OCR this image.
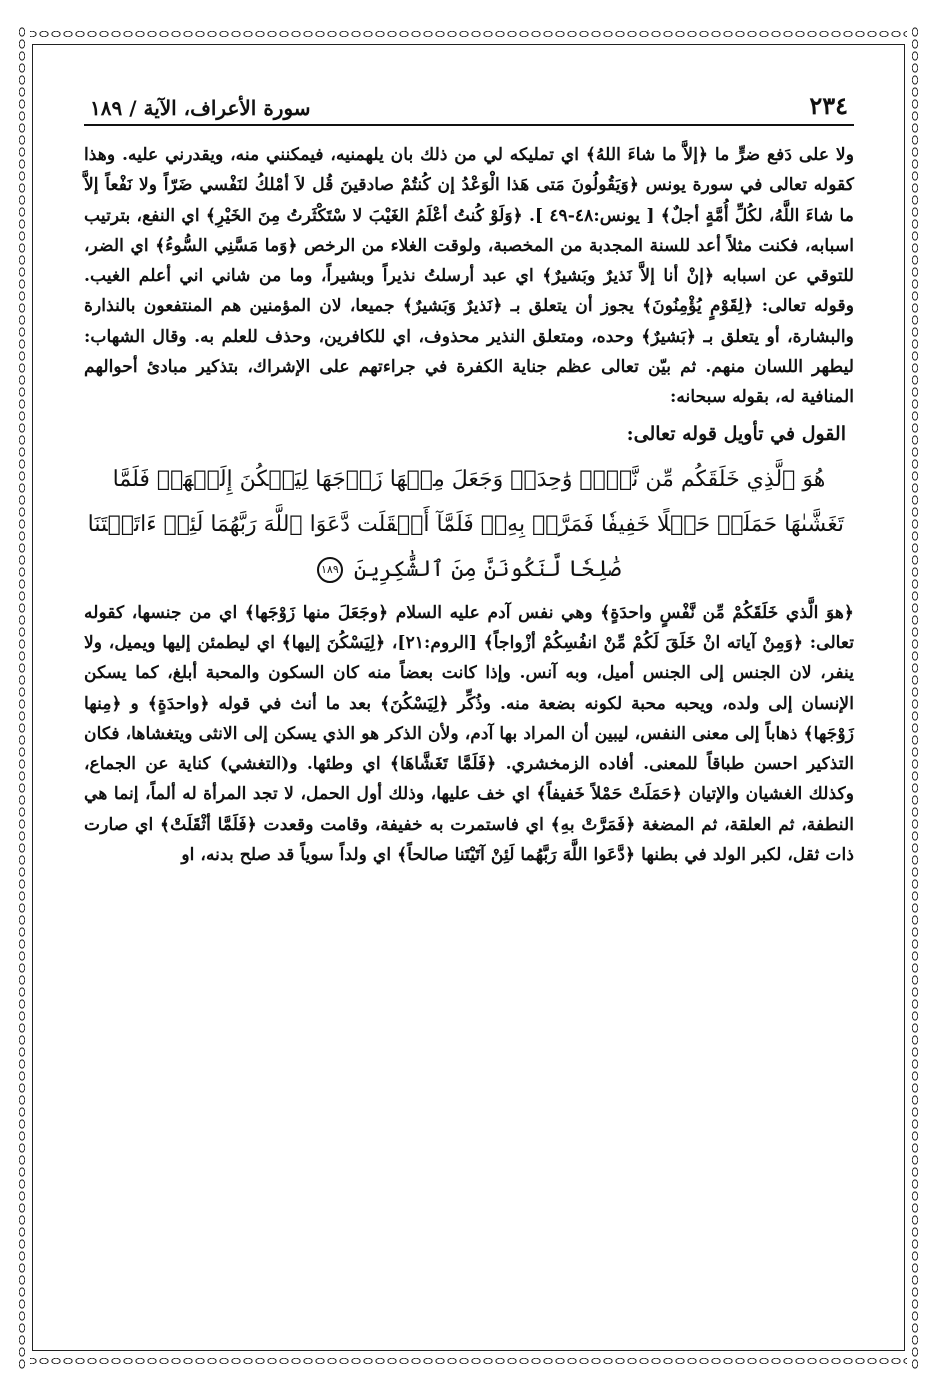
٢٣٤
سورة الأعراف، الآية / ١٨٩

ولا على دَفع ضرٍّ ما ﴿إلاَّ ما شاءَ اللهُ﴾ اي تمليكه لي من ذلك بان يلهمنيه، فيمكنني منه، ويقدرني عليه. وهذا كقوله تعالى في سورة يونس ﴿وَيَقُولُونَ مَتى هَذا الْوَعْدُ إن كُنتُمْ صادقينَ قُل لاَ أمْلكُ لنَفْسي ضَرّاً ولا نَفْعاً إلاَّ ما شاءَ اللَّهُ، لكُلِّ أُمَّةٍ أجلٌ﴾ [ يونس:٤٨-٤٩ ]. ﴿وَلَوْ كُنتُ أعْلَمُ الغَيْبَ لا سْتَكْثَرتُ مِنَ الخَيْرِ﴾ اي النفع، بترتيب اسبابه، فكنت مثلاً أعد للسنة المجدبة من المخصبة، ولوقت الغلاء من الرخص ﴿وَما مَسَّنِي السُّوءُ﴾ اي الضر، للتوقي عن اسبابه ﴿إنْ أنا إلاَّ نَذيرٌ وبَشيرٌ﴾ اي عبد أرسلتُ نذيراً وبشيراً، وما من شاني اني أعلم الغيب. وقوله تعالى: ﴿لِقَوْمٍ يُؤْمِنُونَ﴾ يجوز أن يتعلق بـ ﴿نَذيرٌ وَبَشيرٌ﴾ جميعا، لان المؤمنين هم المنتفعون بالنذارة والبشارة، أو يتعلق بـ ﴿بَشيرٌ﴾ وحده، ومتعلق النذير محذوف، اي للكافرين، وحذف للعلم به. وقال الشهاب: ليطهر اللسان منهم. ثم بيّن تعالى عظم جناية الكفرة في جراءتهم على الإشراك، بتذكير مبادئ أحوالهم المنافية له، بقوله سبحانه:

القول في تأويل قوله تعالى:
هُوَ ٱلَّذِي خَلَقَكُم مِّن نَّفۡسٖ وَٰحِدَةٖ وَجَعَلَ مِنۡهَا زَوۡجَهَا لِيَسۡكُنَ إِلَيۡهَاۖ فَلَمَّا
تَغَشَّىٰهَا حَمَلَتۡ حَمۡلًا خَفِيفٗا فَمَرَّتۡ بِهِۦۖ فَلَمَّآ أَثۡقَلَت دَّعَوَا ٱللَّهَ رَبَّهُمَا لَئِنۡ ءَاتَيۡتَنَا
صَٰلِحٗا لَّنَكُونَنَّ مِنَ ٱلشَّٰكِرِينَ ١٨٩

﴿هوَ الَّذي خَلَقَكُمْ مِّن نَّفْسٍ واحدَةٍ﴾ وهي نفس آدم عليه السلام ﴿وجَعَلَ منها زَوْجَها﴾ اي من جنسها، كقوله تعالى: ﴿وَمِنْ آياته انْ خَلَقَ لَكُمْ مِّنْ انفُسِكُمْ أزْواجاً﴾ [الروم:٢١]، ﴿لِيَسْكُنَ إليها﴾ اي ليطمئن إليها ويميل، ولا ينفر، لان الجنس إلى الجنس أميل، وبه آنس. وإذا كانت بعضاً منه كان السكون والمحبة أبلغ، كما يسكن الإنسان إلى ولده، ويحبه محبة لكونه بضعة منه. وذُكِّر ﴿لِيَسْكُنَ﴾ بعد ما أنث في قوله ﴿واحدَةٍ﴾ و ﴿مِنها زَوْجَها﴾ ذهاباً إلى معنى النفس، ليبين أن المراد بها آدم، ولأن الذكر هو الذي يسكن إلى الانثى ويتغشاها، فكان التذكير احسن طباقاً للمعنى. أفاده الزمخشري. ﴿فَلَمَّا تَغَشَّاهَا﴾ اي وطئها. و(التغشي) كناية عن الجماع، وكذلك الغشيان والإتيان ﴿حَمَلَتْ حَمْلاً خَفيفاً﴾ اي خف عليها، وذلك أول الحمل، لا تجد المرأة له ألماً، إنما هي النطفة، ثم العلقة، ثم المضغة ﴿فَمَرَّتْ بهِ﴾ اي فاستمرت به خفيفة، وقامت وقعدت ﴿فَلَمَّا أثْقَلَتْ﴾ اي صارت ذات ثقل، لكبر الولد في بطنها ﴿دَّعَوا اللَّهَ رَبَّهُما لَئِنْ آتَيْتَنا صالحاً﴾ اي ولداً سوياً قد صلح بدنه، او
